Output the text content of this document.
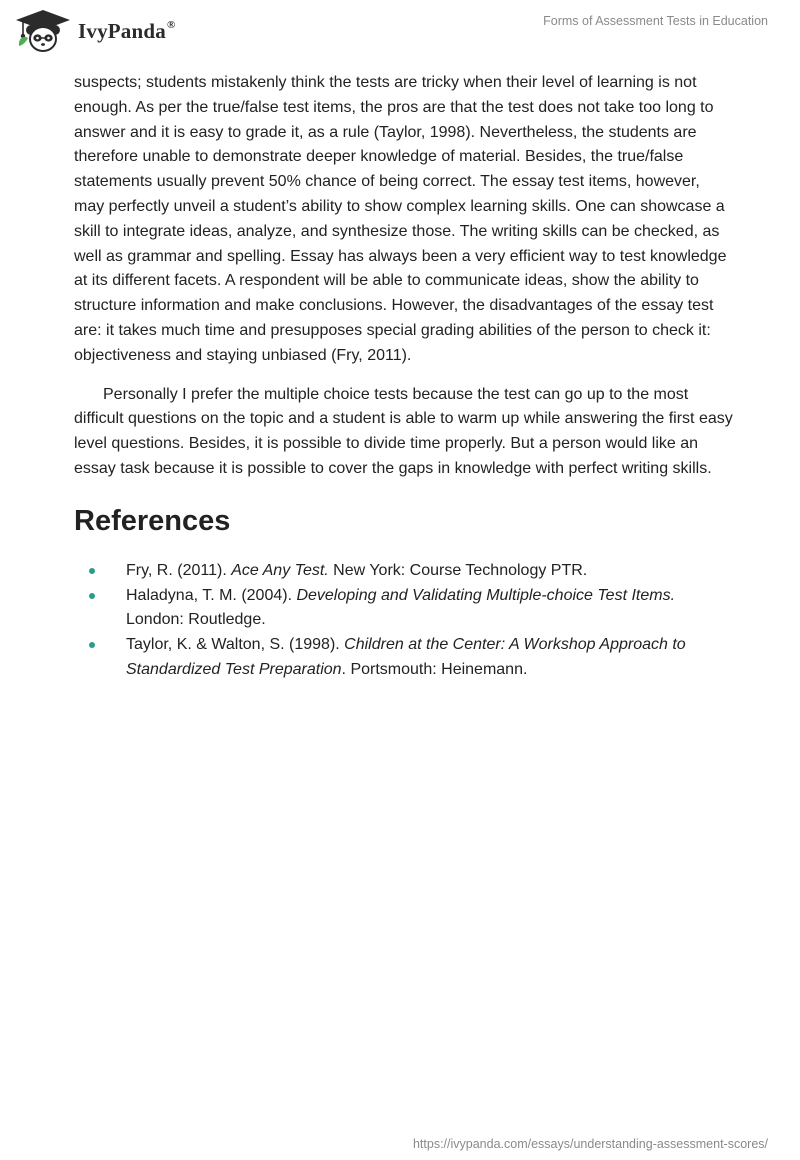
IvyPanda®	Forms of Assessment Tests in Education

suspects; students mistakenly think the tests are tricky when their level of learning is not enough. As per the true/false test items, the pros are that the test does not take too long to answer and it is easy to grade it, as a rule (Taylor, 1998). Nevertheless, the students are therefore unable to demonstrate deeper knowledge of material. Besides, the true/false statements usually prevent 50% chance of being correct. The essay test items, however, may perfectly unveil a student’s ability to show complex learning skills. One can showcase a skill to integrate ideas, analyze, and synthesize those. The writing skills can be checked, as well as grammar and spelling. Essay has always been a very efficient way to test knowledge at its different facets. A respondent will be able to communicate ideas, show the ability to structure information and make conclusions. However, the disadvantages of the essay test are: it takes much time and presupposes special grading abilities of the person to check it: objectiveness and staying unbiased (Fry, 2011).

Personally I prefer the multiple choice tests because the test can go up to the most difficult questions on the topic and a student is able to warm up while answering the first easy level questions. Besides, it is possible to divide time properly. But a person would like an essay task because it is possible to cover the gaps in knowledge with perfect writing skills.

References
Fry, R. (2011). Ace Any Test. New York: Course Technology PTR.
Haladyna, T. M. (2004). Developing and Validating Multiple-choice Test Items. London: Routledge.
Taylor, K. & Walton, S. (1998). Children at the Center: A Workshop Approach to Standardized Test Preparation. Portsmouth: Heinemann.
https://ivypanda.com/essays/understanding-assessment-scores/
